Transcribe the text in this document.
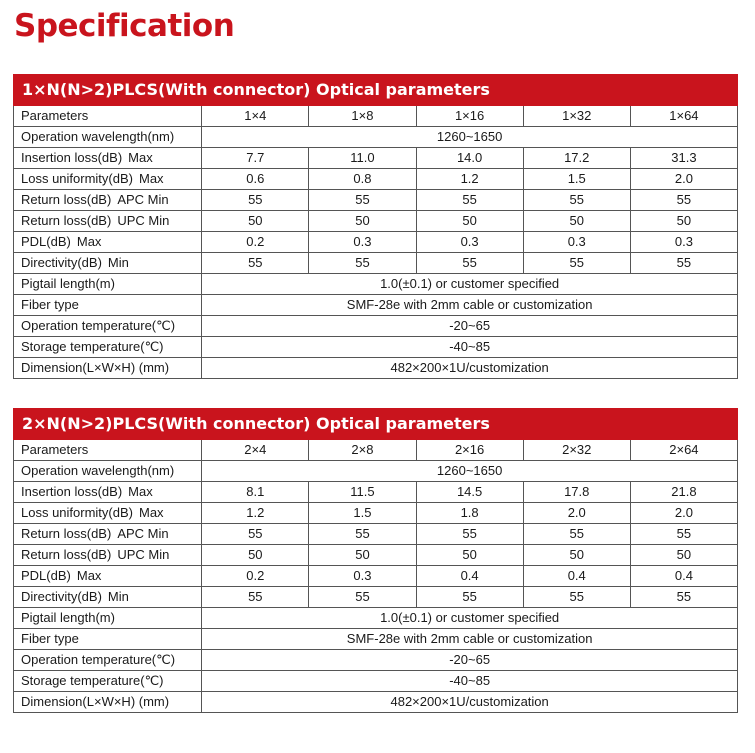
Specification
1×N(N>2)PLCS(With connector) Optical parameters					
Parameters	1×4	1×8	1×16	1×32	1×64
Operation wavelength(nm)	1260~1650				
Insertion loss(dB) Max	7.7	11.0	14.0	17.2	31.3
Loss uniformity(dB) Max	0.6	0.8	1.2	1.5	2.0
Return loss(dB) APC Min	55	55	55	55	55
Return loss(dB) UPC Min	50	50	50	50	50
PDL(dB) Max	0.2	0.3	0.3	0.3	0.3
Directivity(dB) Min	55	55	55	55	55
Pigtail length(m)	1.0(±0.1) or customer specified				
Fiber type	SMF-28e with 2mm cable or customization				
Operation temperature(℃)	-20~65				
Storage temperature(℃)	-40~85				
Dimension(L×W×H) (mm)	482×200×1U/customization				
2×N(N>2)PLCS(With connector) Optical parameters					
Parameters	2×4	2×8	2×16	2×32	2×64
Operation wavelength(nm)	1260~1650				
Insertion loss(dB) Max	8.1	11.5	14.5	17.8	21.8
Loss uniformity(dB) Max	1.2	1.5	1.8	2.0	2.0
Return loss(dB) APC Min	55	55	55	55	55
Return loss(dB) UPC Min	50	50	50	50	50
PDL(dB) Max	0.2	0.3	0.4	0.4	0.4
Directivity(dB) Min	55	55	55	55	55
Pigtail length(m)	1.0(±0.1) or customer specified				
Fiber type	SMF-28e with 2mm cable or customization				
Operation temperature(℃)	-20~65				
Storage temperature(℃)	-40~85				
Dimension(L×W×H) (mm)	482×200×1U/customization				
